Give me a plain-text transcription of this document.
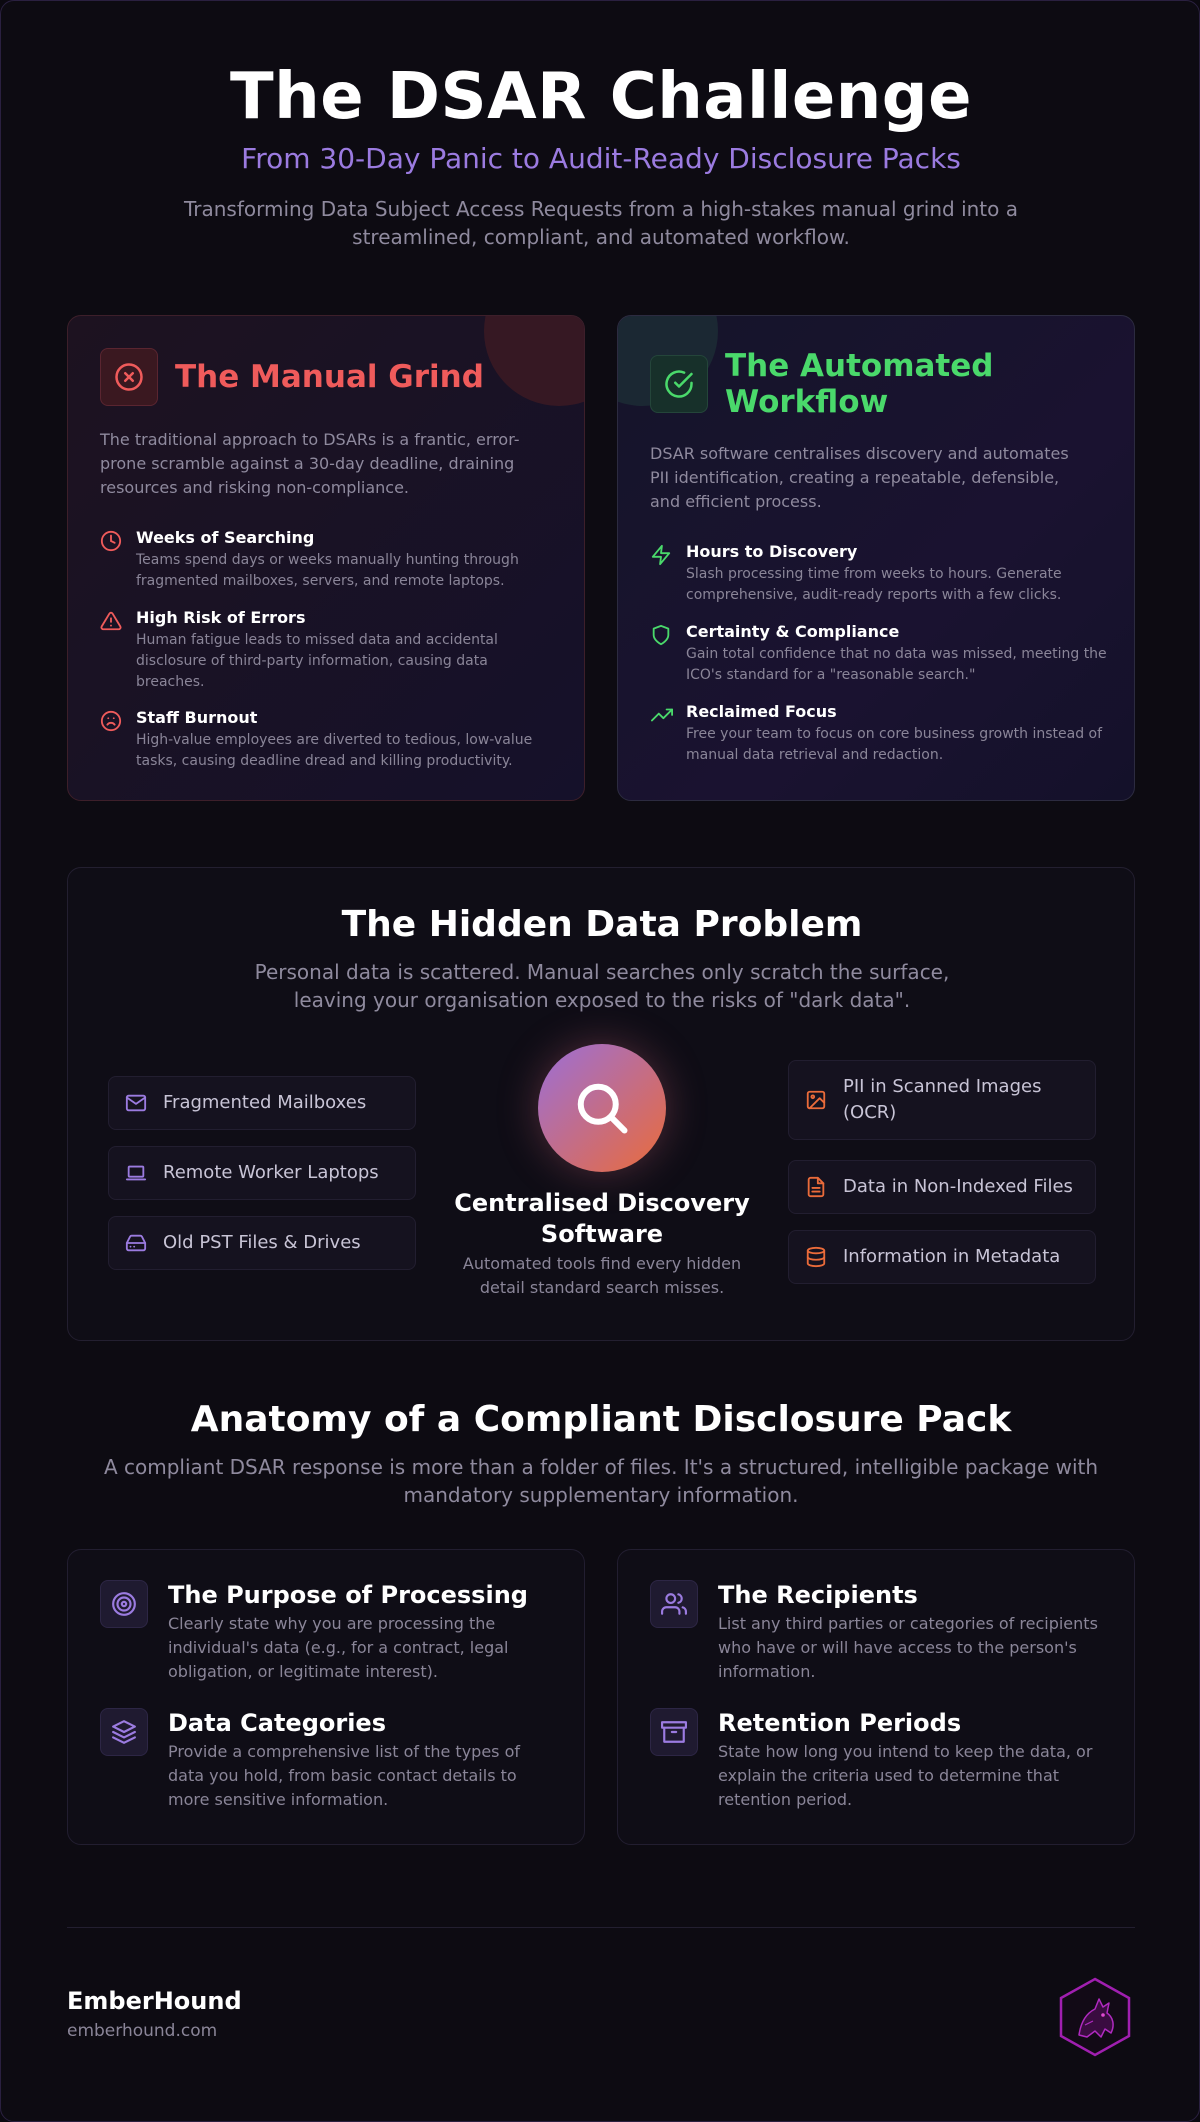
The DSAR Challenge
From 30-Day Panic to Audit-Ready Disclosure Packs

Transforming Data Subject Access Requests from a high-stakes manual grind into a streamlined, compliant, and automated workflow.

The Manual Grind
The traditional approach to DSARs is a frantic, error-prone scramble against a 30-day deadline, draining resources and risking non-compliance.
Weeks of Searching
Teams spend days or weeks manually hunting through fragmented mailboxes, servers, and remote laptops.
High Risk of Errors
Human fatigue leads to missed data and accidental disclosure of third-party information, causing data breaches.
Staff Burnout
High-value employees are diverted to tedious, low-value tasks, causing deadline dread and killing productivity.
The Automated Workflow
DSAR software centralises discovery and automates PII identification, creating a repeatable, defensible, and efficient process.
Hours to Discovery
Slash processing time from weeks to hours. Generate comprehensive, audit-ready reports with a few clicks.
Certainty & Compliance
Gain total confidence that no data was missed, meeting the ICO's standard for a "reasonable search."
Reclaimed Focus
Free your team to focus on core business growth instead of manual data retrieval and redaction.
The Hidden Data Problem
Personal data is scattered. Manual searches only scratch the surface, leaving your organisation exposed to the risks of "dark data".
Fragmented Mailboxes
Remote Worker Laptops
Old PST Files & Drives
Centralised Discovery Software
Automated tools find every hidden detail standard search misses.
PII in Scanned Images (OCR)
Data in Non-Indexed Files
Information in Metadata
Anatomy of a Compliant Disclosure Pack
A compliant DSAR response is more than a folder of files. It's a structured, intelligible package with mandatory supplementary information.
The Purpose of Processing
Clearly state why you are processing the individual's data (e.g., for a contract, legal obligation, or legitimate interest).
Data Categories
Provide a comprehensive list of the types of data you hold, from basic contact details to more sensitive information.
The Recipients
List any third parties or categories of recipients who have or will have access to the person's information.
Retention Periods
State how long you intend to keep the data, or explain the criteria used to determine that retention period.
EmberHound
emberhound.com
